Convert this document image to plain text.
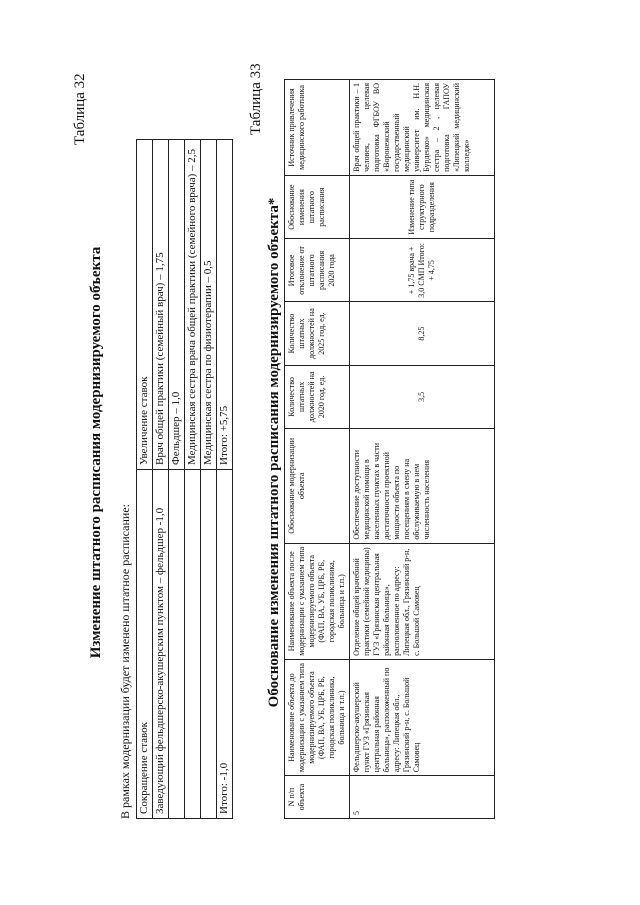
Таблица 32
Изменение штатного расписания модернизируемого объекта
В рамках модернизации будет изменено штатное расписание: Сокращение ставок	Увеличение ставок
Заведующий фельдшерско-акушерским пунктом – фельдшер -1,0	Врач общей практики (семейный врач) – 1,75
	Фельдшер – 1,0
	Медицинская сестра врача общей практики (семейного врача) – 2,5
	Медицинская сестра по физиотерапии – 0,5
Итого: -1,0	Итого: +5,75
Таблица 33
Обоснование изменения штатного расписания модернизируемого объекта*
N п/п объекта	Наименование объекта до модернизации с указанием типа модернизируемого объекта (ФАП, ВА, УБ, ЦРБ, РБ, городская поликлиника, больница и т.п.)	Наименование объекта после модернизации с указанием типа модернизируемого объекта (ФАП, ВА, УБ, ЦРБ, РБ, городская поликлиника, больница и т.п.)	Обоснование модернизации объекта	Количество штатных должностей на 2020 год, ед.	Количество штатных должностей на 2025 год, ед.	Итоговое отклонение от штатного расписания 2020 года	Обоснование изменения штатного расписания	Источник привлечения медицинского работника
5	Фельдшерско-акушерский пункт ГУЗ «Грязинская центральная районная больница», расположенный по адресу: Липецкая обл., Грязинский р-н, с. Большой Самовец	Отделение общей врачебной практики (семейной медицины) ГУЗ «Грязинская центральная районная больница», расположенное по адресу: Липецкая обл., Грязинский р-н, с. Большой Самовец	Обеспечение доступности медицинской помощи в населенных пунктах в части достаточности проектной мощности объекта по посещениям в смену на обслуживаемую в нем численность населения	3,5	8,25	+ 1,75 врача + 3,0 СМП Итого: + 4,75	Изменение типа структурного подразделения	Врач общей практики – 1 человек, целевая подготовка ФГБОУ ВО «Воронежский государственный медицинский университет им. Н.Н. Бурденко» медицинская сестра – 2 , целевая подготовка ГАПОУ «Липецкий медицинский колледж»
